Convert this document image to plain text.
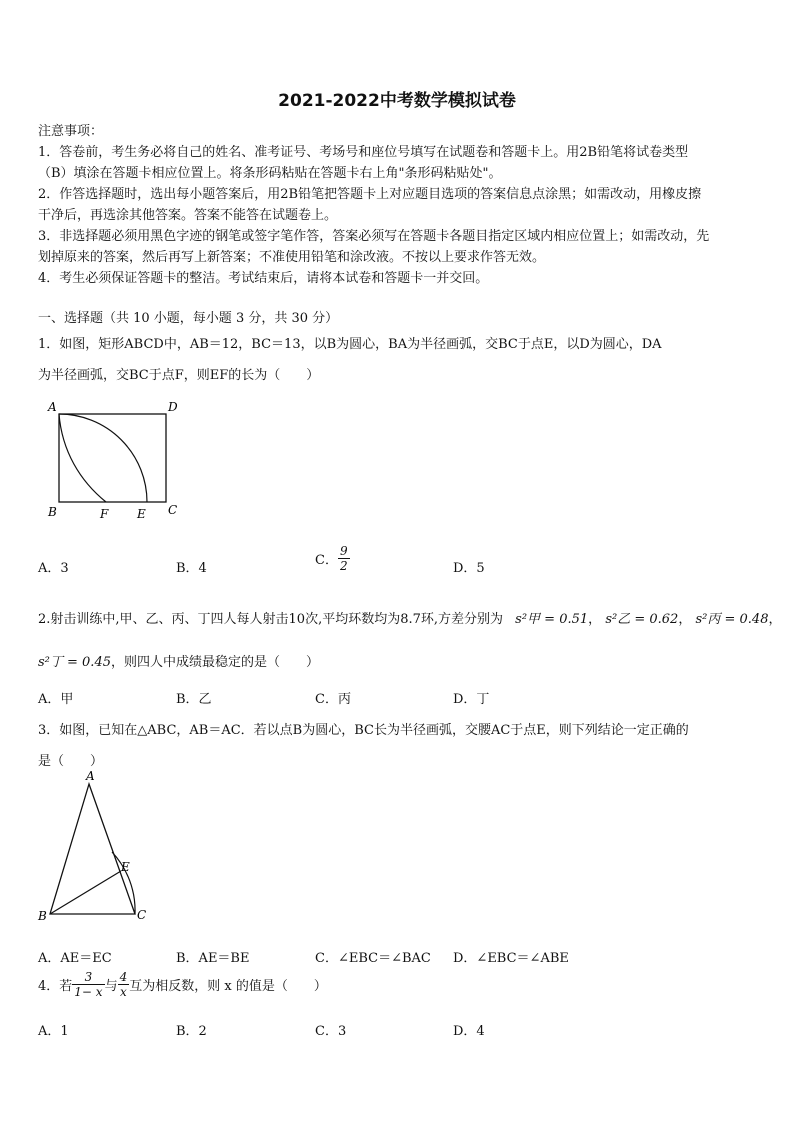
2021-2022中考数学模拟试卷
注意事项：
1．答卷前，考生务必将自己的姓名、准考证号、考场号和座位号填写在试题卷和答题卡上。用2B铅笔将试卷类型
（B）填涂在答题卡相应位置上。将条形码粘贴在答题卡右上角"条形码粘贴处"。
2．作答选择题时，选出每小题答案后，用2B铅笔把答题卡上对应题目选项的答案信息点涂黑；如需改动，用橡皮擦
干净后，再选涂其他答案。答案不能答在试题卷上。
3．非选择题必须用黑色字迹的钢笔或签字笔作答，答案必须写在答题卡各题目指定区域内相应位置上；如需改动，先
划掉原来的答案，然后再写上新答案；不准使用铅笔和涂改液。不按以上要求作答无效。
4．考生必须保证答题卡的整洁。考试结束后，请将本试卷和答题卡一并交回。
一、选择题（共 10 小题，每小题 3 分，共 30 分）
1．如图，矩形ABCD中，AB＝12，BC＝13，以B为圆心，BA为半径画弧，交BC于点E，以D为圆心，DA
为半径画弧，交BC于点F，则EF的长为（　　）
A	D
B	F E C
A．3	B．4
C． $\frac{9}{2}$	D．5
2.射击训练中,甲、乙、丙、丁四人每人射击10次,平均环数均为8.7环,方差分别为 s²甲 = 0.51， s²乙 = 0.62， s²丙 = 0.48，
s²丁 = 0.45，则四人中成绩最稳定的是（　　）
A．甲	B．乙	C．丙	D．丁
3．如图，已知在△ABC，AB＝AC．若以点B为圆心，BC长为半径画弧，交腰AC于点E，则下列结论一定正确的
是（　　）
A
B	C
E
A．AE＝EC	B．AE＝BE	C．∠EBC＝∠BAC D．∠EBC＝∠ABE
4．若 $\frac{3}{1- x}$ 与 $\frac{4}{x}$ 互为相反数，则 x 的值是（　　）
A．1	B．2	C．3	D．4
